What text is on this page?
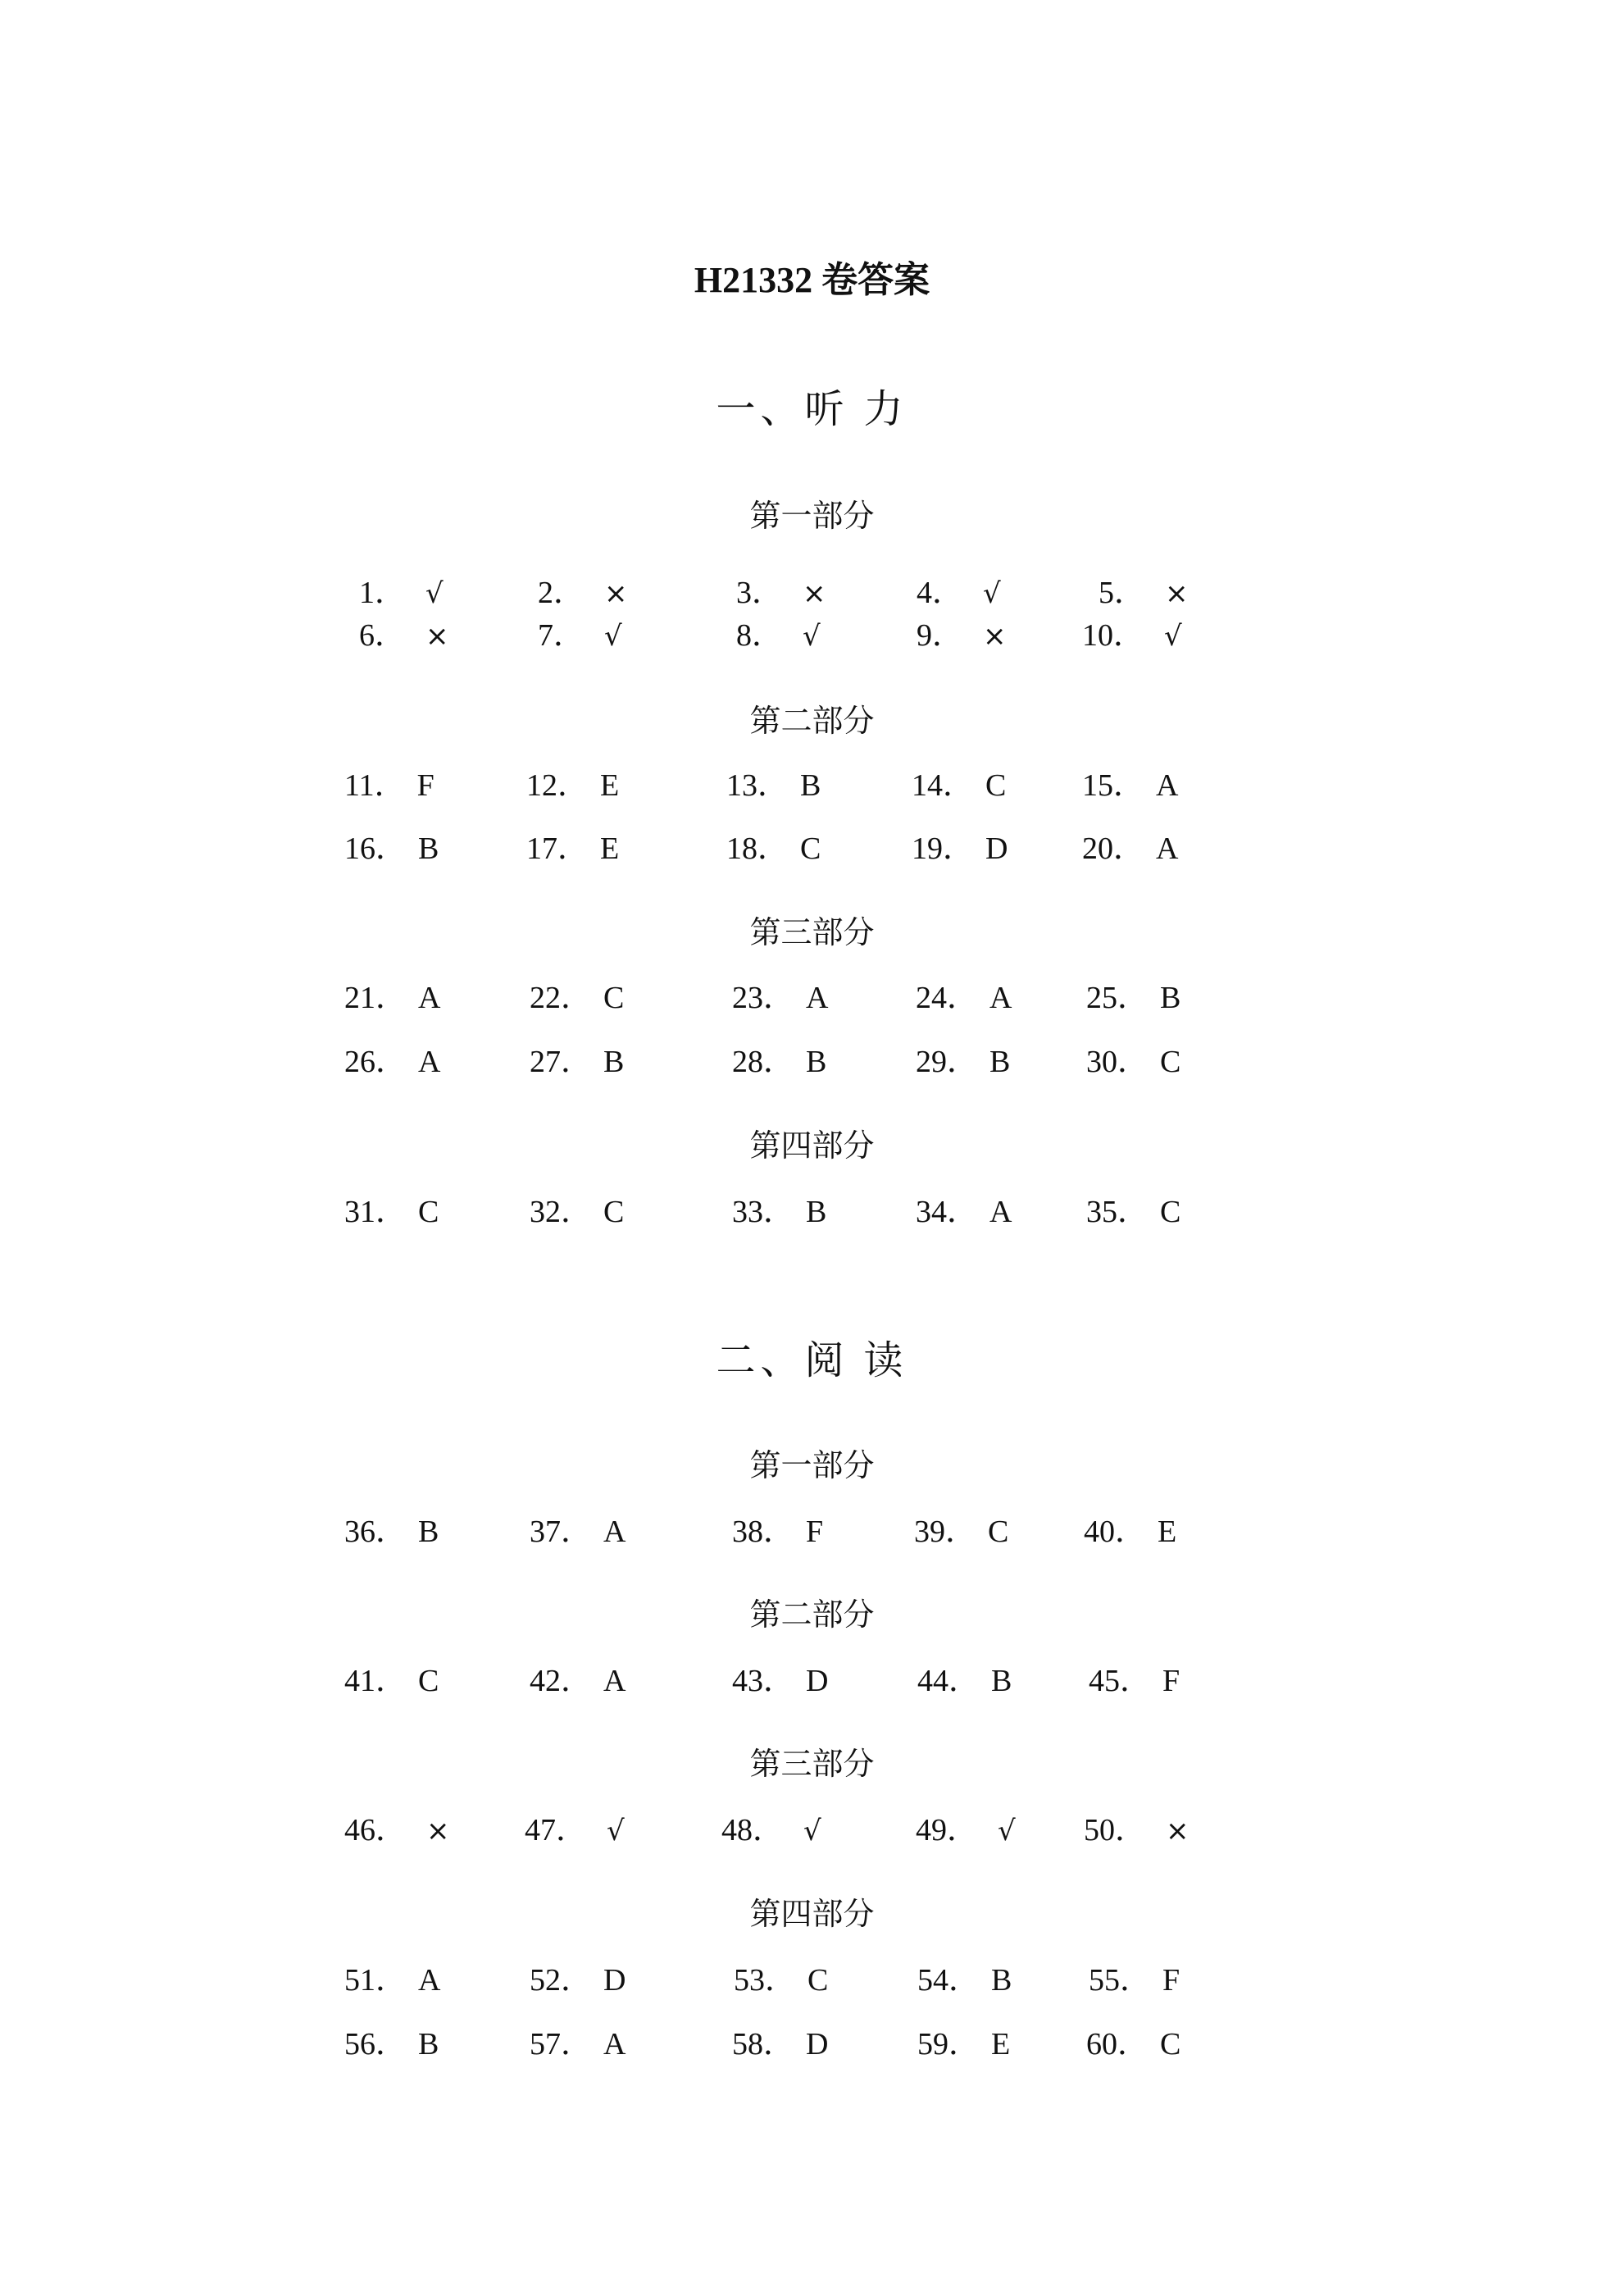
H21332 卷答案
一、听 力
第一部分
1． √	2． ×	3． ×	4． √	5． ×
6． ×	7． √	8． √	9． × 10． √
第二部分
11． F	12． E	13． B	14． C 15． A
16． B	17． E	18． C	19． D 20． A
第三部分
21． A	22． C	23． A	24． A 25． B
26． A	27． B	28． B	29． B 30． C
第四部分
31． C	32． C	33． B	34． A 35． C
二、阅 读
第一部分
36． B	37． A	38． F	39． C 40． E
第二部分
41． C	42． A	43． D	44． B 45． F
第三部分
46． × 47． √	48． √	49． √ 50． ×
第四部分
51． A	52． D	53． C	54． B 55． F
56． B	57． A	58． D	59． E 60． C
